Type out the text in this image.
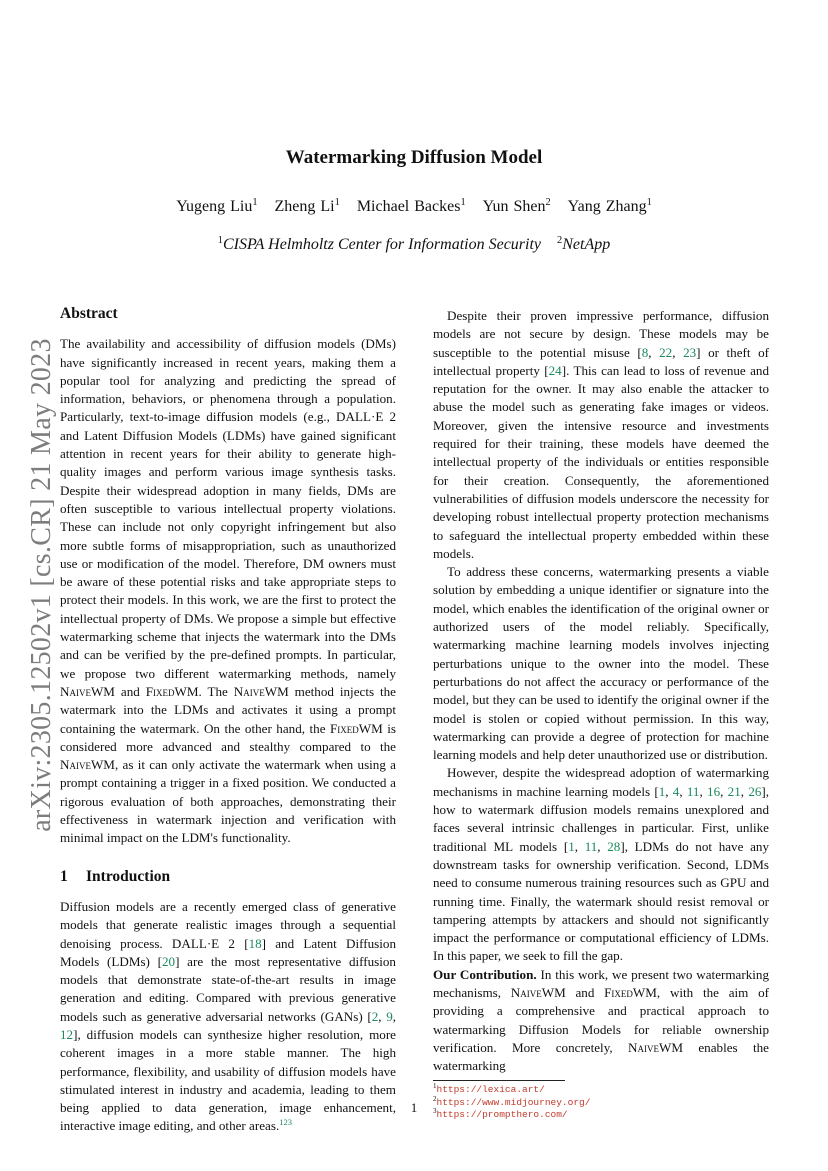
arXiv:2305.12502v1 [cs.CR] 21 May 2023
Watermarking Diffusion Model
Yugeng Liu$^1$ Zheng Li$^1$ Michael Backes$^1$ Yun Shen$^2$ Yang Zhang$^1$
$^1$CISPA Helmholtz Center for Information Security $^2$NetApp
Abstract

The availability and accessibility of diffusion models (DMs) have significantly increased in recent years, making them a popular tool for analyzing and predicting the spread of information, behaviors, or phenomena through a population. Particularly, text-to-image diffusion models (e.g., DALL·E 2 and Latent Diffusion Models (LDMs) have gained significant attention in recent years for their ability to generate high-quality images and perform various image synthesis tasks. Despite their widespread adoption in many fields, DMs are often susceptible to various intellectual property violations. These can include not only copyright infringement but also more subtle forms of misappropriation, such as unauthorized use or modification of the model. Therefore, DM owners must be aware of these potential risks and take appropriate steps to protect their models. In this work, we are the first to protect the intellectual property of DMs. We propose a simple but effective watermarking scheme that injects the watermark into the DMs and can be verified by the pre-defined prompts. In particular, we propose two different watermarking methods, namely NaiveWM and FixedWM. The NaiveWM method injects the watermark into the LDMs and activates it using a prompt containing the watermark. On the other hand, the FixedWM is considered more advanced and stealthy compared to the NaiveWM, as it can only activate the watermark when using a prompt containing a trigger in a fixed position. We conducted a rigorous evaluation of both approaches, demonstrating their effectiveness in watermark injection and verification with minimal impact on the LDM's functionality.

1 Introduction

Diffusion models are a recently emerged class of generative models that generate realistic images through a sequential denoising process. DALL·E 2 [18] and Latent Diffusion Models (LDMs) [20] are the most representative diffusion models that demonstrate state-of-the-art results in image generation and editing. Compared with previous generative models such as generative adversarial networks (GANs) [2, 9, 12], diffusion models can synthesize higher resolution, more coherent images in a more stable manner. The high performance, flexibility, and usability of diffusion models have stimulated interest in industry and academia, leading to them being applied to data generation, image enhancement, interactive image editing, and other areas.$^{123}$

Despite their proven impressive performance, diffusion models are not secure by design. These models may be susceptible to the potential misuse [8, 22, 23] or theft of intellectual property [24]. This can lead to loss of revenue and reputation for the owner. It may also enable the attacker to abuse the model such as generating fake images or videos. Moreover, given the intensive resource and investments required for their training, these models have deemed the intellectual property of the individuals or entities responsible for their creation. Consequently, the aforementioned vulnerabilities of diffusion models underscore the necessity for developing robust intellectual property protection mechanisms to safeguard the intellectual property embedded within these models.

To address these concerns, watermarking presents a viable solution by embedding a unique identifier or signature into the model, which enables the identification of the original owner or authorized users of the model reliably. Specifically, watermarking machine learning models involves injecting perturbations unique to the owner into the model. These perturbations do not affect the accuracy or performance of the model, but they can be used to identify the original owner if the model is stolen or copied without permission. In this way, watermarking can provide a degree of protection for machine learning models and help deter unauthorized use or distribution.

However, despite the widespread adoption of watermarking mechanisms in machine learning models [1, 4, 11, 16, 21, 26], how to watermark diffusion models remains unexplored and faces several intrinsic challenges in particular. First, unlike traditional ML models [1, 11, 28], LDMs do not have any downstream tasks for ownership verification. Second, LDMs need to consume numerous training resources such as GPU and running time. Finally, the watermark should resist removal or tampering attempts by attackers and should not significantly impact the performance or computational efficiency of LDMs. In this paper, we seek to fill the gap.

Our Contribution. In this work, we present two watermarking mechanisms, NaiveWM and FixedWM, with the aim of providing a comprehensive and practical approach to watermarking Diffusion Models for reliable ownership verification. More concretely, NaiveWM enables the watermarking

$^1$https://lexica.art/
$^2$https://www.midjourney.org/
$^3$https://prompthero.com/
1
